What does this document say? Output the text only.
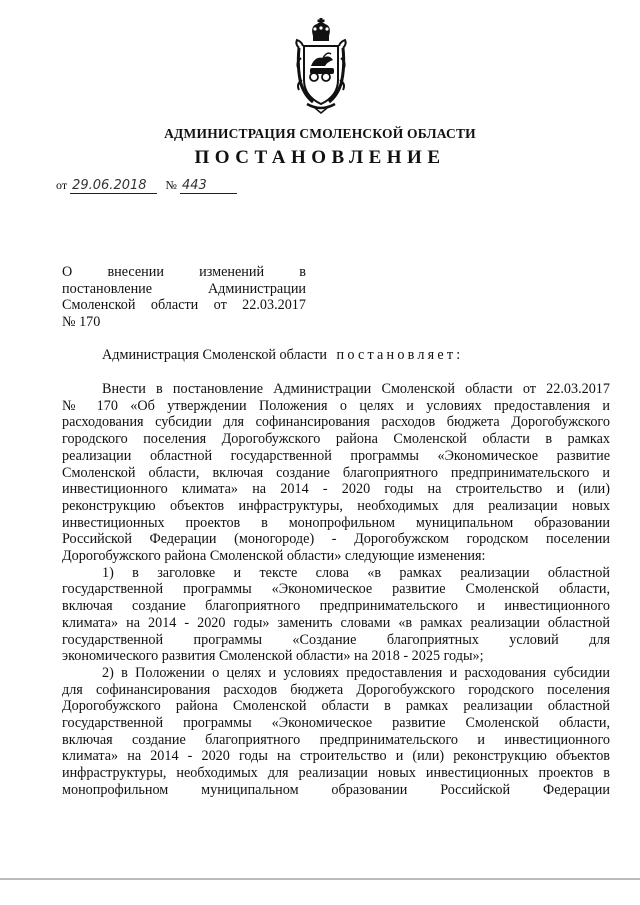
АДМИНИСТРАЦИЯ СМОЛЕНСКОЙ ОБЛАСТИ
ПОСТАНОВЛЕНИЕ
от 29.06.2018 № 443
О внесении изменений в
постановление Администрации
Смоленской области от 22.03.2017
№ 170
Администрация Смоленской области постановляет:
Внести в постановление Администрации Смоленской области от 22.03.2017
№ 170 «Об утверждении Положения о целях и условиях предоставления и
расходования субсидии для софинансирования расходов бюджета Дорогобужского
городского поселения Дорогобужского района Смоленской области в рамках
реализации областной государственной программы «Экономическое развитие
Смоленской области, включая создание благоприятного предпринимательского и
инвестиционного климата» на 2014 - 2020 годы на строительство и (или)
реконструкцию объектов инфраструктуры, необходимых для реализации новых
инвестиционных проектов в монопрофильном муниципальном образовании
Российской Федерации (моногороде) - Дорогобужском городском поселении
Дорогобужского района Смоленской области» следующие изменения:
1) в заголовке и тексте слова «в рамках реализации областной
государственной программы «Экономическое развитие Смоленской области,
включая создание благоприятного предпринимательского и инвестиционного
климата» на 2014 - 2020 годы» заменить словами «в рамках реализации областной
государственной программы «Создание благоприятных условий для
экономического развития Смоленской области» на 2018 - 2025 годы»;
2) в Положении о целях и условиях предоставления и расходования субсидии
для софинансирования расходов бюджета Дорогобужского городского поселения
Дорогобужского района Смоленской области в рамках реализации областной
государственной программы «Экономическое развитие Смоленской области,
включая создание благоприятного предпринимательского и инвестиционного
климата» на 2014 - 2020 годы на строительство и (или) реконструкцию объектов
инфраструктуры, необходимых для реализации новых инвестиционных проектов в
монопрофильном муниципальном образовании Российской Федерации
